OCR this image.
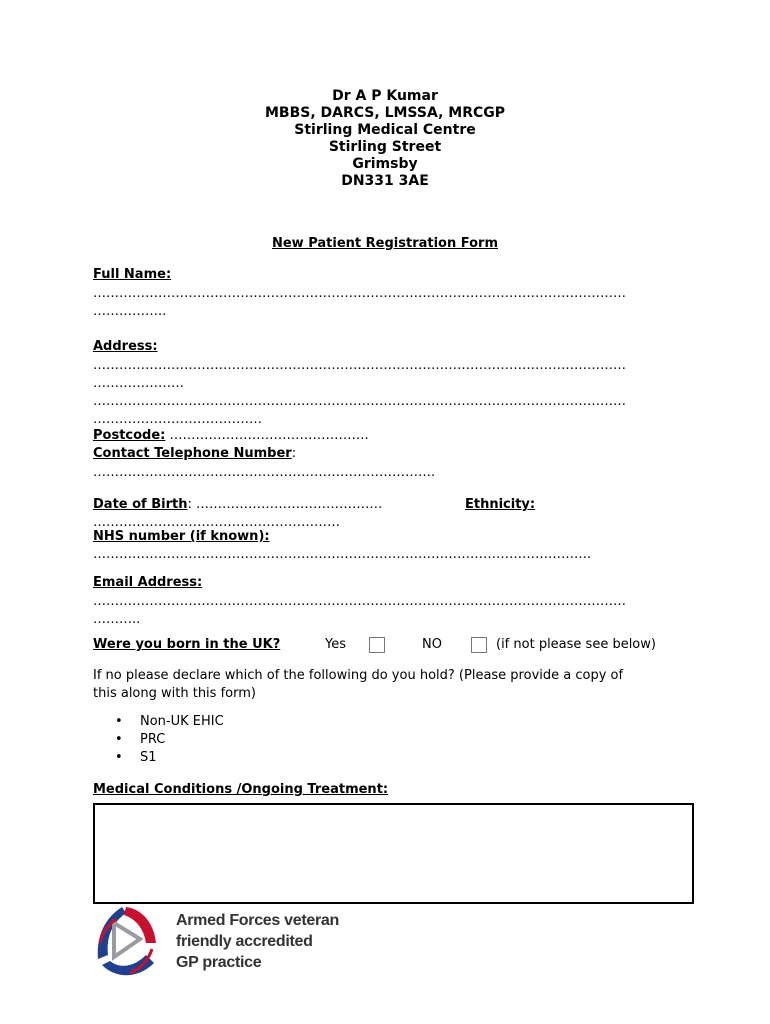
Dr A P Kumar
MBBS, DARCS, LMSSA, MRCGP
Stirling Medical Centre
Stirling Street
Grimsby
DN331 3AE
New Patient Registration Form
Full Name:
……………………………………………………………………………………………………………
……………..
Address:
……………………………………………………………………………………………………………
…………………
……………………………………………………………………………………………………………
…………………………………
Postcode: ……………………………………….
Contact Telephone Number:
…………………………………………………………………….
Date of Birth: …………………………………….	Ethnicity:
…………………………………………………
NHS number (if known):
…………………………………………………………………………………………………….
Email Address:
……………………………………………………………………………………………………………
………..
Were you born in the UK?	Yes	NO	(if not please see below)
If no please declare which of the following do you hold? (Please provide a copy of
this along with this form)
• Non-UK EHIC
• PRC
• S1
Medical Conditions /Ongoing Treatment:
Armed Forces veteran
friendly accredited
GP practice
